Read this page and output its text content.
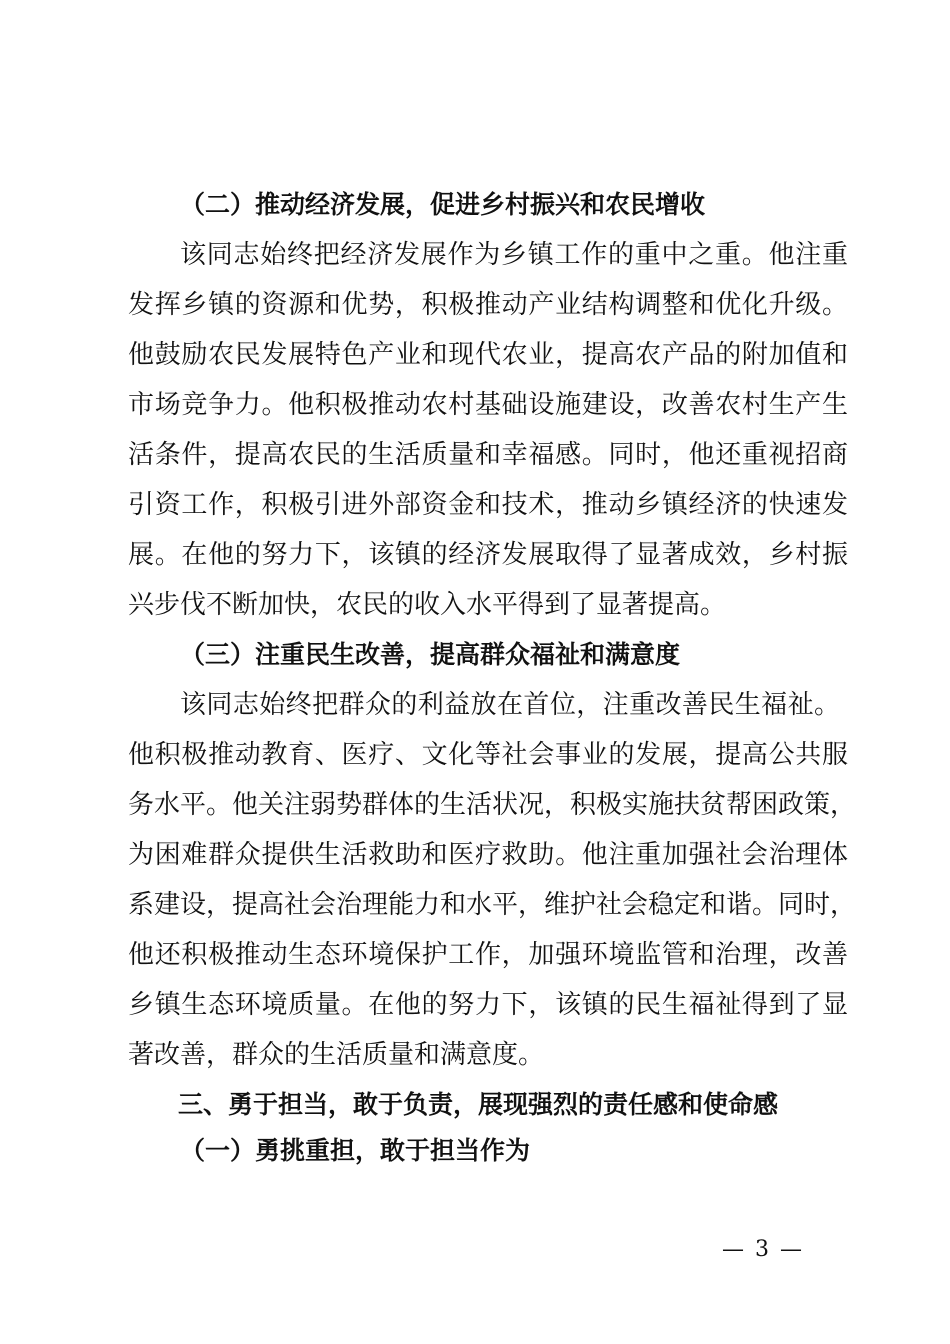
（二）推动经济发展，促进乡村振兴和农民增收
该同志始终把经济发展作为乡镇工作的重中之重。他注重
发挥乡镇的资源和优势，积极推动产业结构调整和优化升级。
他鼓励农民发展特色产业和现代农业，提高农产品的附加值和
市场竞争力。他积极推动农村基础设施建设，改善农村生产生
活条件，提高农民的生活质量和幸福感。同时，他还重视招商
引资工作，积极引进外部资金和技术，推动乡镇经济的快速发
展。在他的努力下，该镇的经济发展取得了显著成效，乡村振
兴步伐不断加快，农民的收入水平得到了显著提高。
（三）注重民生改善，提高群众福祉和满意度
该同志始终把群众的利益放在首位，注重改善民生福祉。
他积极推动教育、医疗、文化等社会事业的发展，提高公共服
务水平。他关注弱势群体的生活状况，积极实施扶贫帮困政策，
为困难群众提供生活救助和医疗救助。他注重加强社会治理体
系建设，提高社会治理能力和水平，维护社会稳定和谐。同时，
他还积极推动生态环境保护工作，加强环境监管和治理，改善
乡镇生态环境质量。在他的努力下，该镇的民生福祉得到了显
著改善，群众的生活质量和满意度。
三、勇于担当，敢于负责，展现强烈的责任感和使命感
（一）勇挑重担，敢于担当作为
— 3 —
